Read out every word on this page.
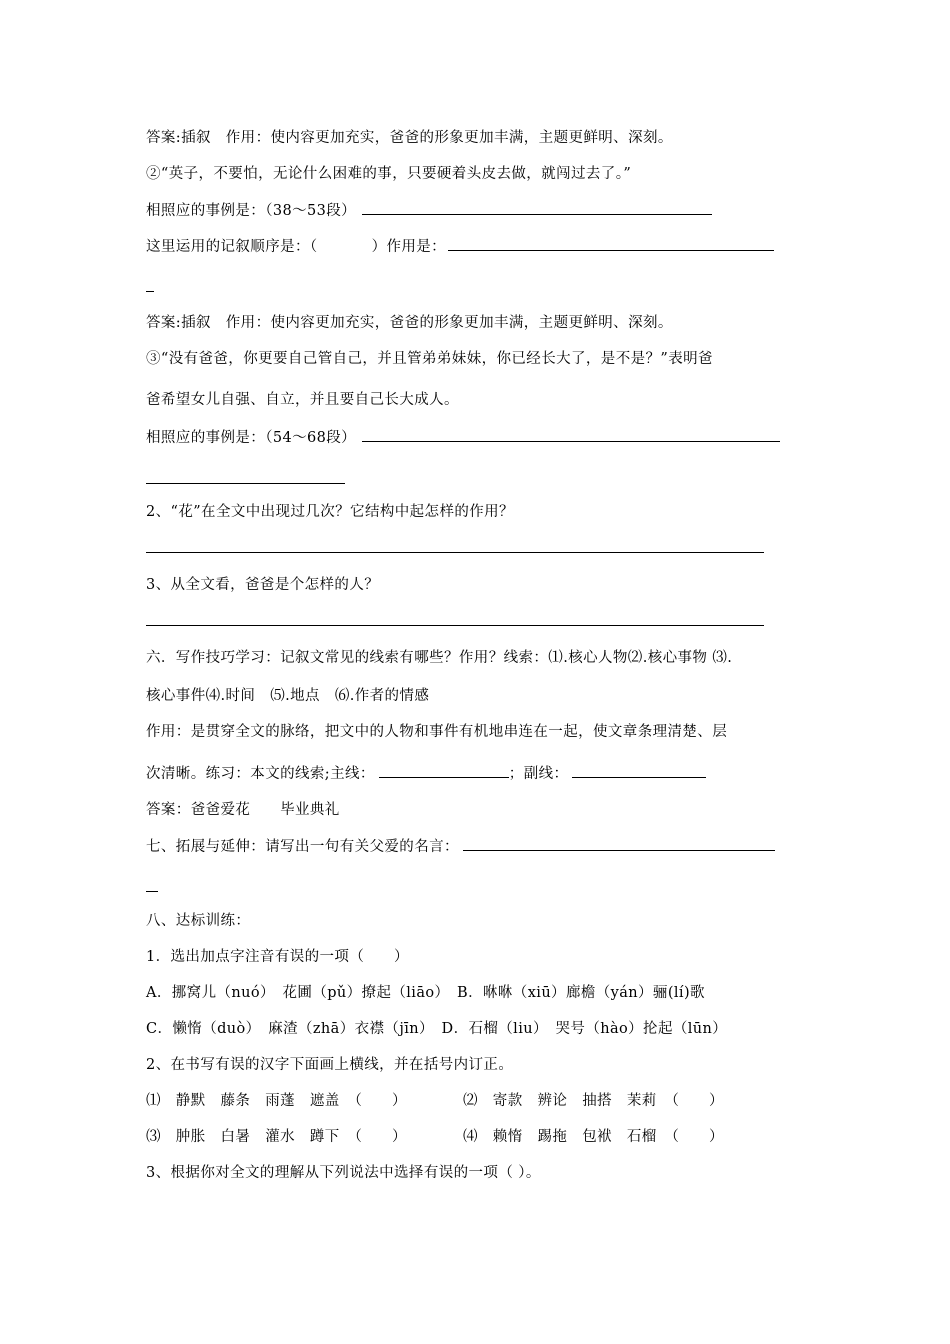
答案:插叙　作用：使内容更加充实，爸爸的形象更加丰满，主题更鲜明、深刻。
②“英子，不要怕，无论什么困难的事，只要硬着头皮去做，就闯过去了。”
相照应的事例是：（38～53段）
这里运用的记叙顺序是：（	）作用是：
答案:插叙　作用：使内容更加充实，爸爸的形象更加丰满，主题更鲜明、深刻。
③“没有爸爸，你更要自己管自己，并且管弟弟妹妹，你已经长大了，是不是？”表明爸
爸希望女儿自强、自立，并且要自己长大成人。
相照应的事例是：（54～68段）
2、“花”在全文中出现过几次？它结构中起怎样的作用？
3、从全文看，爸爸是个怎样的人？
六．写作技巧学习：记叙文常见的线索有哪些？作用？线索：⑴.核心人物⑵.核心事物 ⑶.
核心事件⑷.时间　⑸.地点　⑹.作者的情感
作用：是贯穿全文的脉络，把文中的人物和事件有机地串连在一起，使文章条理清楚、层
次清晰。练习：本文的线索;主线：	；副线：
答案：爸爸爱花　　毕业典礼
七、拓展与延伸：请写出一句有关父爱的名言：
八、达标训练：
1．选出加点字注音有误的一项（　　）
A．挪窝儿（nuó）　花圃（pǔ）撩起（liāo）　B．咻咻（xiū）廊檐（yán）骊(lí)歌
C．懒惰（duò）　麻渣（zhā）衣襟（jīn）　D．石榴（liu）　哭号（hào）抡起（lūn）
2、在书写有误的汉字下面画上横线，并在括号内订正。
⑴　静默　藤条　雨蓬　遮盖　（　　）	⑵　寄款　辨论　抽搭　茉莉　（　　）
⑶　肿胀　白暑　灌水　蹲下　（　　）	⑷　赖惰　踢拖　包袱　石榴　（　　）
3、根据你对全文的理解从下列说法中选择有误的一项（ ）。
